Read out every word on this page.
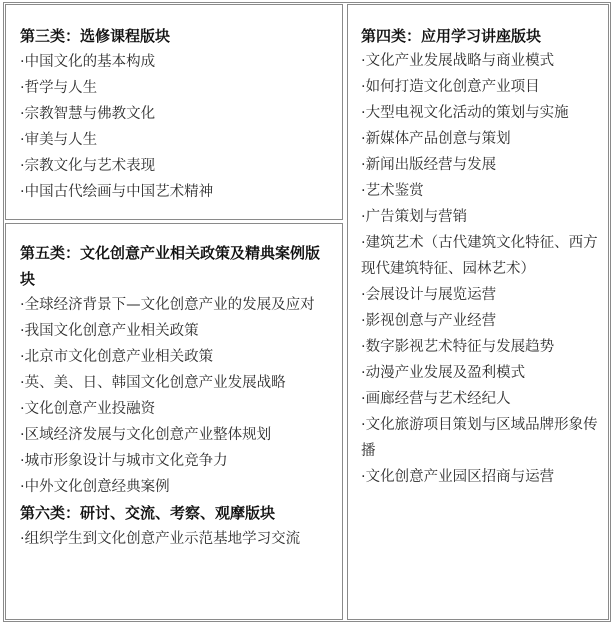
第三类：选修课程版块

·中国文化的基本构成

·哲学与人生

·宗教智慧与佛教文化

·审美与人生

·宗教文化与艺术表现

·中国古代绘画与中国艺术精神

第五类：文化创意产业相关政策及精典案例版块

·全球经济背景下—文化创意产业的发展及应对

·我国文化创意产业相关政策

·北京市文化创意产业相关政策

·英、美、日、韩国文化创意产业发展战略

·文化创意产业投融资

·区域经济发展与文化创意产业整体规划

·城市形象设计与城市文化竞争力

·中外文化创意经典案例

第六类：研讨、交流、考察、观摩版块

·组织学生到文化创意产业示范基地学习交流

第四类：应用学习讲座版块

·文化产业发展战略与商业模式

·如何打造文化创意产业项目

·大型电视文化活动的策划与实施

·新媒体产品创意与策划

·新闻出版经营与发展

·艺术鉴赏

·广告策划与营销

·建筑艺术（古代建筑文化特征、西方现代建筑特征、园林艺术）

·会展设计与展览运营

·影视创意与产业经营

·数字影视艺术特征与发展趋势

·动漫产业发展及盈利模式

·画廊经营与艺术经纪人

·文化旅游项目策划与区域品牌形象传播

·文化创意产业园区招商与运营
